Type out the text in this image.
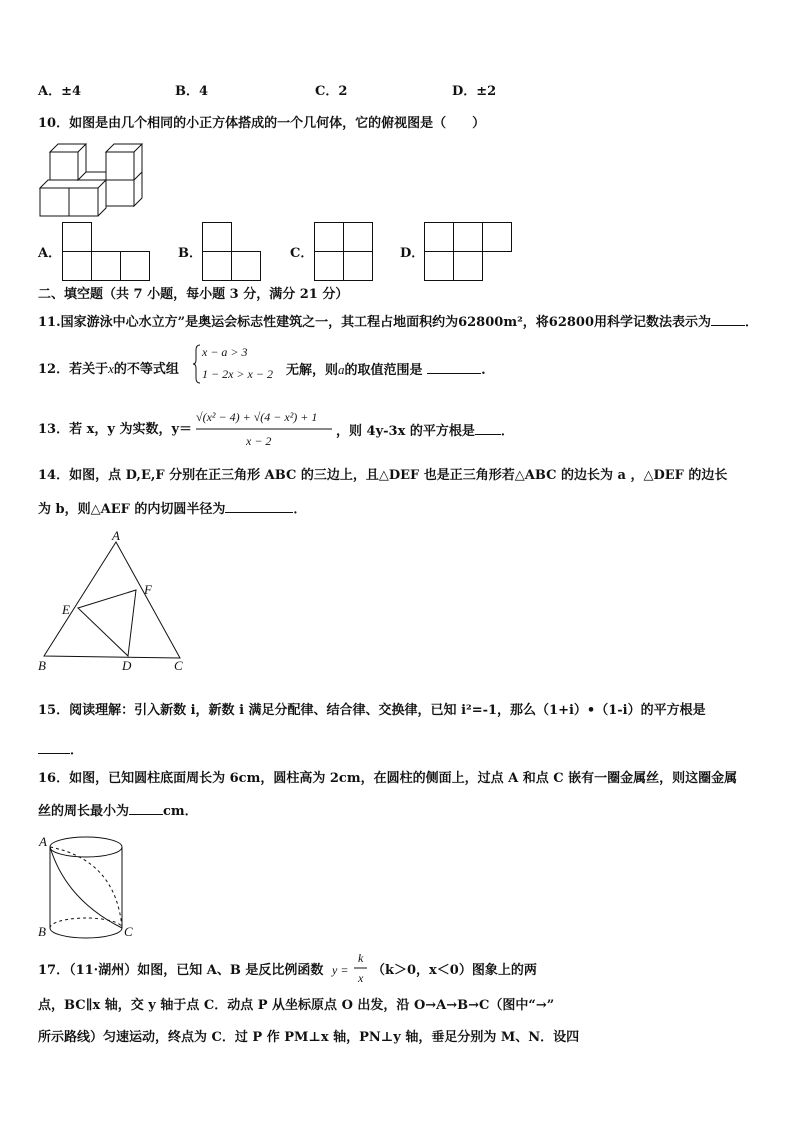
A．±4	B．4	C．2	D．±2
10．如图是由几个相同的小正方体搭成的一个几何体，它的俯视图是（　　）
A．	B．	C．	D．
二、填空题（共 7 小题，每小题 3 分，满分 21 分）
11.国家游泳中心水立方”是奥运会标志性建筑之一，其工程占地面积约为62800m²，将62800用科学记数法表示为	．
12．若关于x的不等式组
x − a > 3
1 − 2x > x − 2 无解，则a的取值范围是	.
13．若 x，y 为实数，y＝
√(x² − 4) + √(4 − x²) + 1
x − 2
，则 4y-3x 的平方根是 ．
14．如图，点 D,E,F 分别在正三角形 ABC 的三边上，且△DEF 也是正三角形若△ABC 的边长为 a ，△DEF 的边长
为 b，则△AEF 的内切圆半径为	．
A
E
F
B	D	C
15．阅读理解：引入新数 i，新数 i 满足分配律、结合律、交换律，已知 i²=-1，那么（1+i）•（1-i）的平方根是
．
16．如图，已知圆柱底面周长为 6cm，圆柱高为 2cm，在圆柱的侧面上，过点 A 和点 C 嵌有一圈金属丝，则这圈金属
丝的周长最小为	cm．
A
B	C
17．（11·湖州）如图，已知 A、B 是反比例函数 y =
k
x （k＞0，x＜0）图象上的两
点，BC∥x 轴，交 y 轴于点 C．动点 P 从坐标原点 O 出发，沿 O→A→B→C（图中“→”
所示路线）匀速运动，终点为 C．过 P 作 PM⊥x 轴，PN⊥y 轴，垂足分别为 M、N．设四
